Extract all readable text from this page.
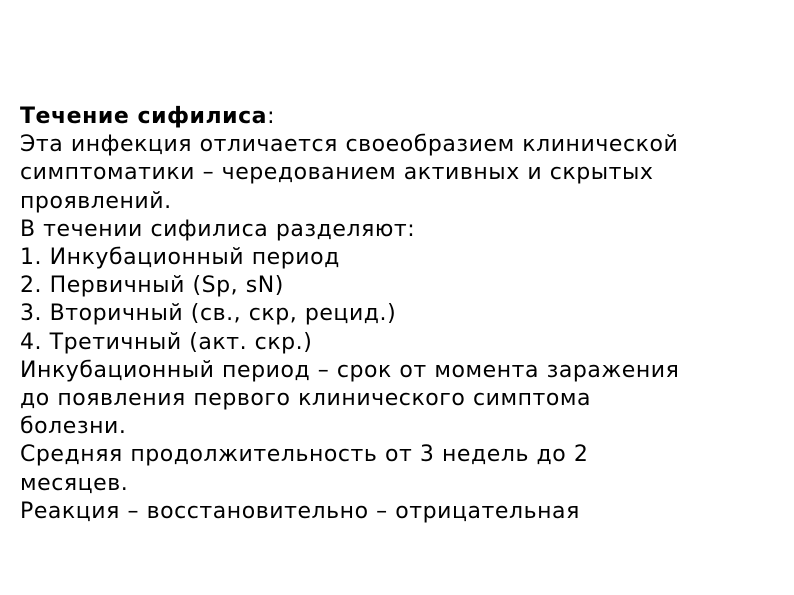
Течение сифилиса:
Эта инфекция отличается своеобразием клинической
симптоматики – чередованием активных и скрытых
проявлений.
В течении сифилиса разделяют:
1. Инкубационный период
2. Первичный (Sp, sN)
3. Вторичный (св., скр, рецид.)
4. Третичный (акт. скр.)
Инкубационный период – срок от момента заражения
до появления первого клинического симптома
болезни.
Средняя продолжительность от 3 недель до 2
месяцев.
Реакция – восстановительно – отрицательная
